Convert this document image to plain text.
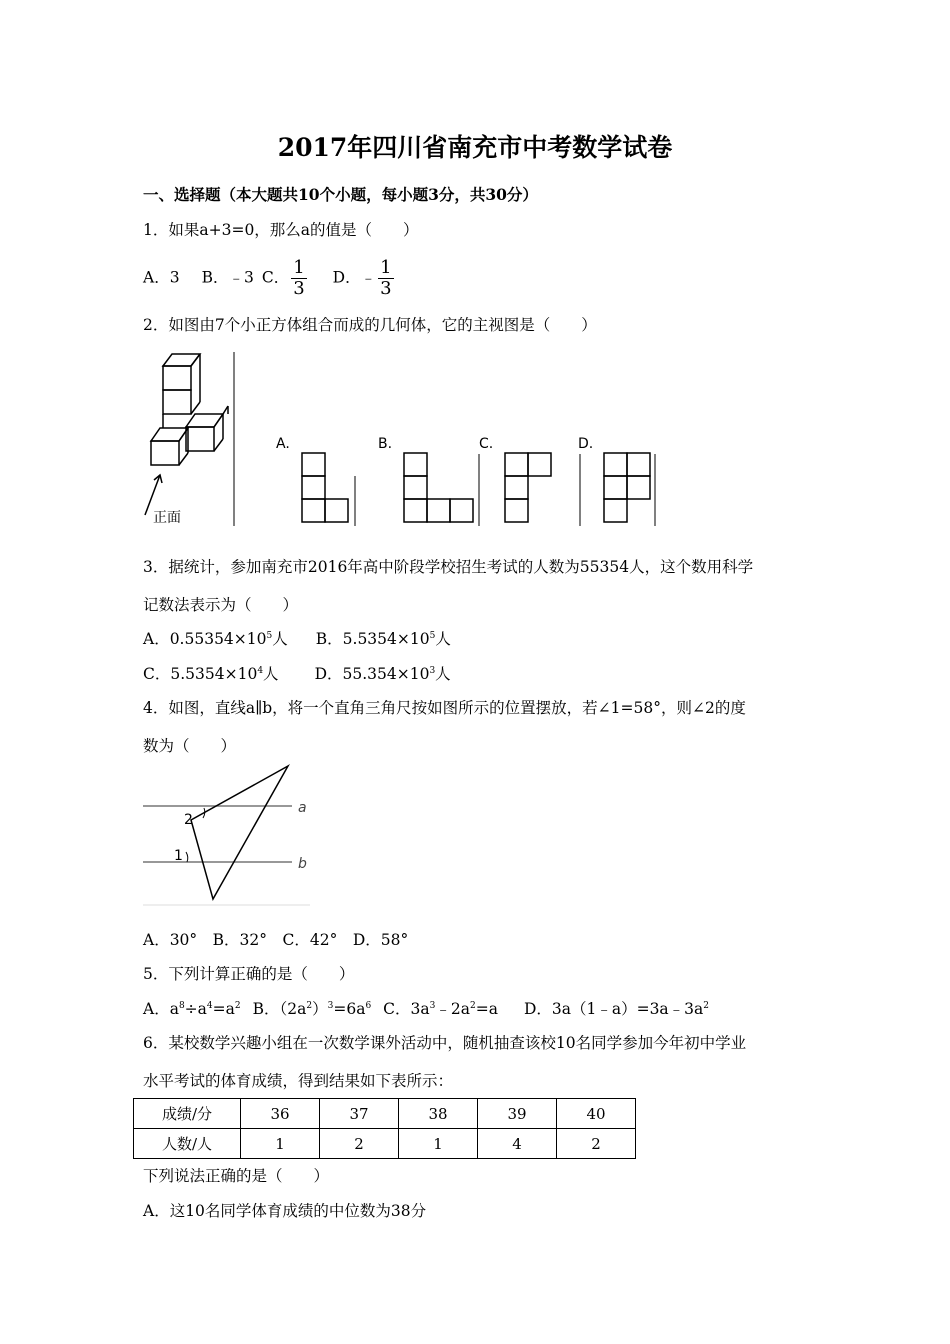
2017年四川省南充市中考数学试卷
一、选择题（本大题共10个小题，每小题3分，共30分）
1．如果a+3=0，那么a的值是（　　）
A．3 B．﹣3 C． $\frac{1}{3}$ D．﹣ $\frac{1}{3}$
2．如图由7个小正方体组合而成的几何体，它的主视图是（　　）
正面
A.	B.	C.	D.
3．据统计，参加南充市2016年高中阶段学校招生考试的人数为55354人，这个数用科学
记数法表示为（　　）
A．$0.55354\times 10^5$人 B．$5.5354\times 10^5$人
C．$5.5354\times 10^4$人 D．$55.354\times 10^3$人
4．如图，直线a∥b，将一个直角三角尺按如图所示的位置摆放，若∠1=58°，则∠2的度
数为（　　）
a
b
2
1
A．30°　B．32°　C．42°　D．58°
5．下列计算正确的是（　　）
A．$a^8\div a^4=a^2$ B．$(2a^2)^3=6a^6$ C．$3a^3﹣2a^2=a$ D．$3a(1﹣a)=3a﹣3a^2$
6．某校数学兴趣小组在一次数学课外活动中，随机抽查该校10名同学参加今年初中学业
水平考试的体育成绩，得到结果如下表所示：
成绩/分	36	37	38	39	40
人数/人	1	2	1	4	2
下列说法正确的是（　　）
A．这10名同学体育成绩的中位数为38分
